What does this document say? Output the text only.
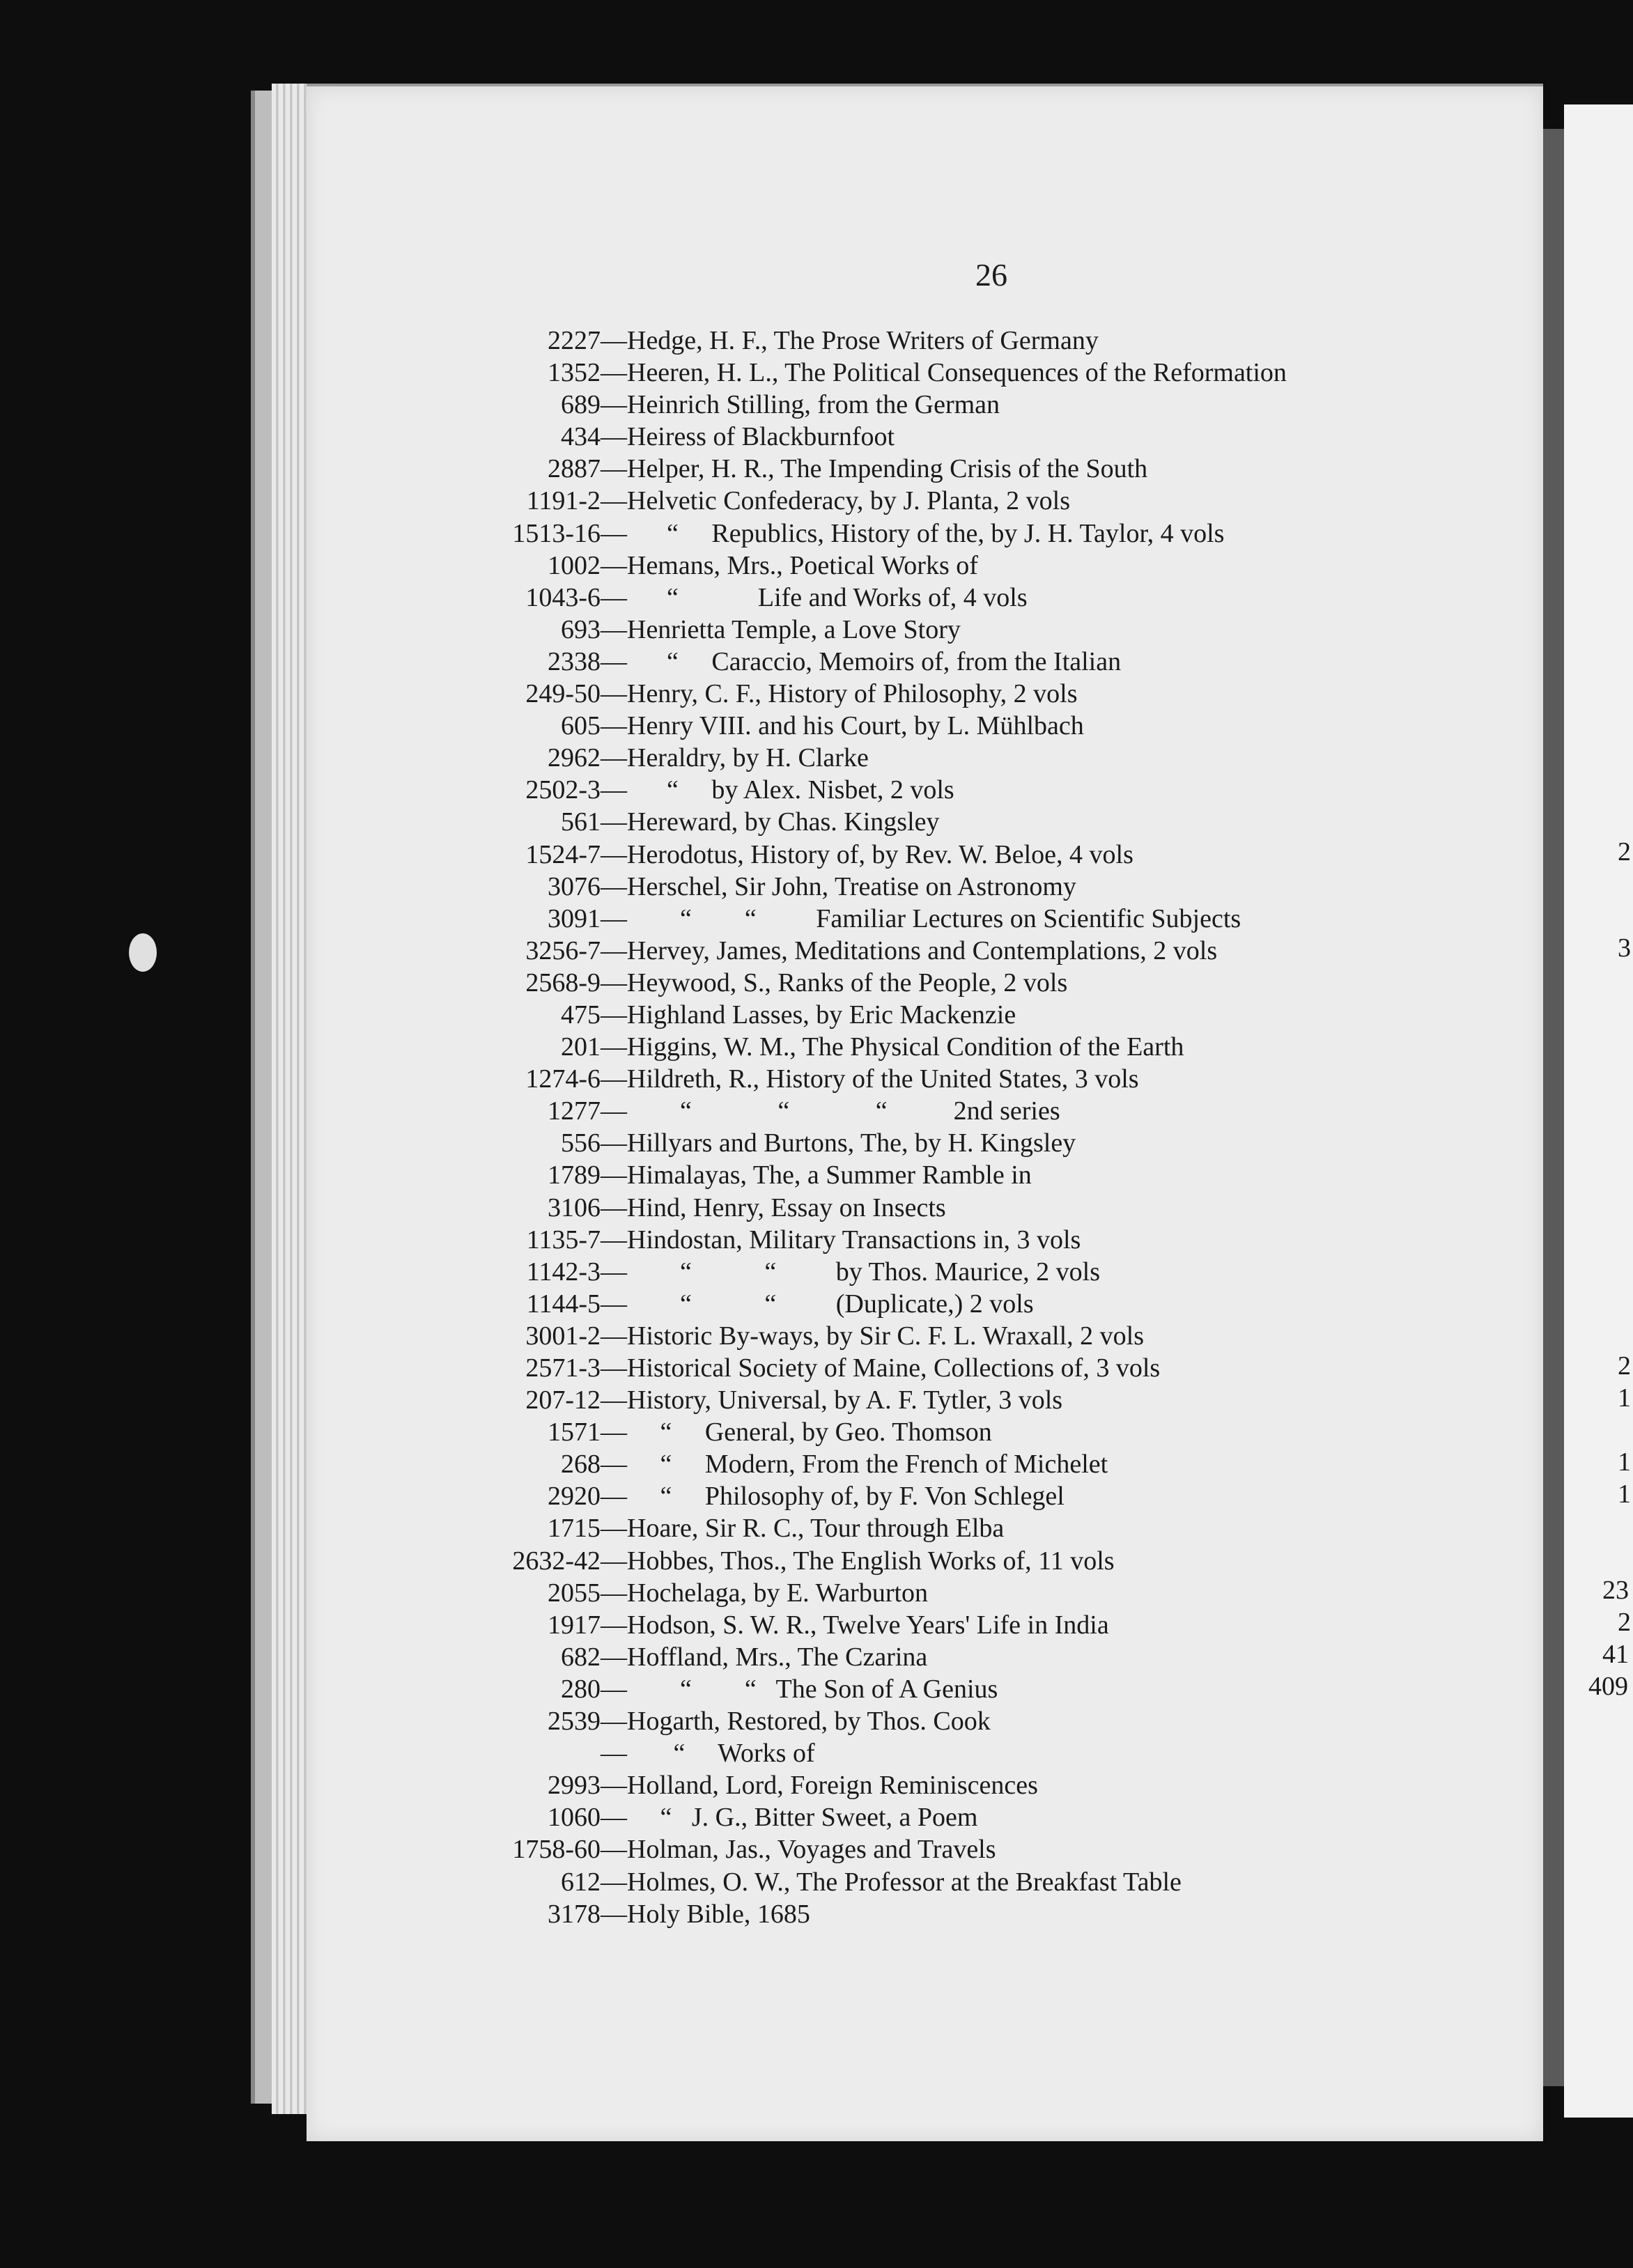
26
2227—Hedge, H. F., The Prose Writers of Germany
1352—Heeren, H. L., The Political Consequences of the Reformation
689—Heinrich Stilling, from the German
434—Heiress of Blackburnfoot
2887—Helper, H. R., The Impending Crisis of the South
1191-2—Helvetic Confederacy, by J. Planta, 2 vols
1513-16—      “     Republics, History of the, by J. H. Taylor, 4 vols
1002—Hemans, Mrs., Poetical Works of
1043-6—      “            Life and Works of, 4 vols
693—Henrietta Temple, a Love Story
2338—      “     Caraccio, Memoirs of, from the Italian
249-50—Henry, C. F., History of Philosophy, 2 vols
605—Henry VIII. and his Court, by L. Mühlbach
2962—Heraldry, by H. Clarke
2502-3—      “     by Alex. Nisbet, 2 vols
561—Hereward, by Chas. Kingsley
1524-7—Herodotus, History of, by Rev. W. Beloe, 4 vols
3076—Herschel, Sir John, Treatise on Astronomy
3091—        “        “         Familiar Lectures on Scientific Subjects
3256-7—Hervey, James, Meditations and Contemplations, 2 vols
2568-9—Heywood, S., Ranks of the People, 2 vols
475—Highland Lasses, by Eric Mackenzie
201—Higgins, W. M., The Physical Condition of the Earth
1274-6—Hildreth, R., History of the United States, 3 vols
1277—        “             “             “          2nd series
556—Hillyars and Burtons, The, by H. Kingsley
1789—Himalayas, The, a Summer Ramble in
3106—Hind, Henry, Essay on Insects
1135-7—Hindostan, Military Transactions in, 3 vols
1142-3—        “           “         by Thos. Maurice, 2 vols
1144-5—        “           “         (Duplicate,) 2 vols
3001-2—Historic By-ways, by Sir C. F. L. Wraxall, 2 vols
2571-3—Historical Society of Maine, Collections of, 3 vols
207-12—History, Universal, by A. F. Tytler, 3 vols
1571—     “     General, by Geo. Thomson
268—     “     Modern, From the French of Michelet
2920—     “     Philosophy of, by F. Von Schlegel
1715—Hoare, Sir R. C., Tour through Elba
2632-42—Hobbes, Thos., The English Works of, 11 vols
2055—Hochelaga, by E. Warburton
1917—Hodson, S. W. R., Twelve Years' Life in India
682—Hoffland, Mrs., The Czarina
280—        “        “   The Son of A Genius
2539—Hogarth, Restored, by Thos. Cook
—       “     Works of
2993—Holland, Lord, Foreign Reminiscences
1060—     “   J. G., Bitter Sweet, a Poem
1758-60—Holman, Jas., Voyages and Travels
612—Holmes, O. W., The Professor at the Breakfast Table
3178—Holy Bible, 1685
2
3
2
1
1
1
23
2
41
409
